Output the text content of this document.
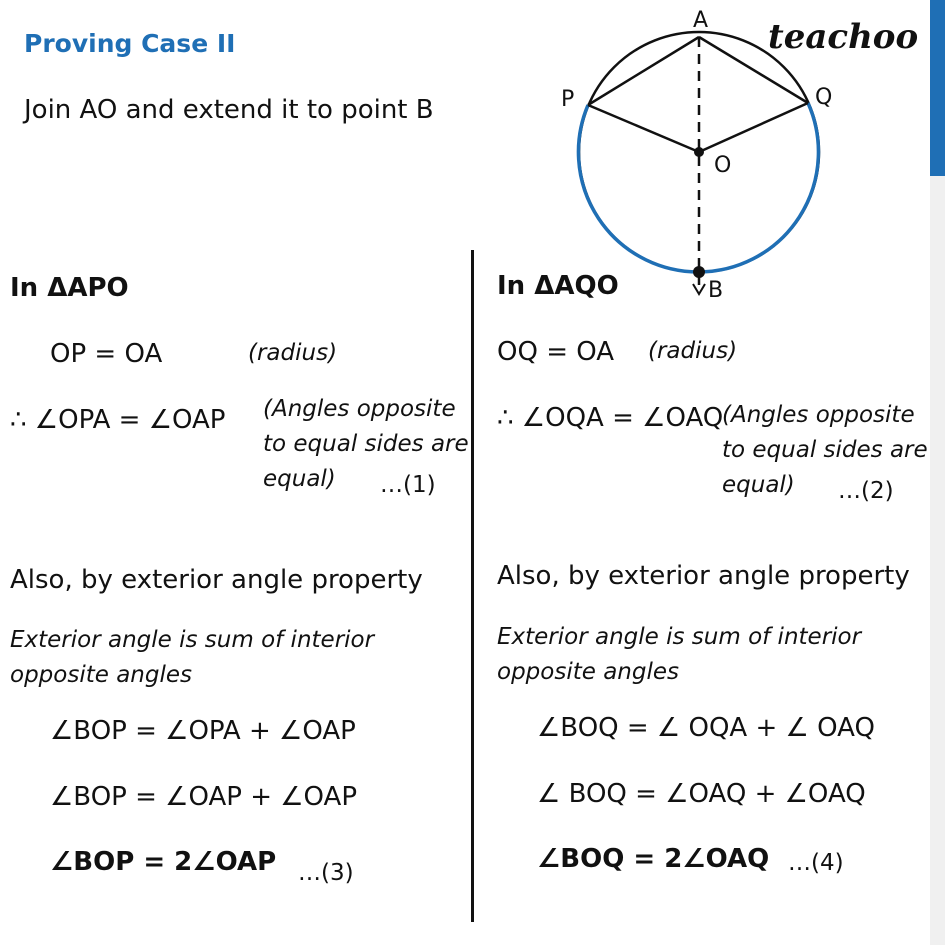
Proving Case II
Join AO and extend it to point B
teachoo
A
P	Q
O
B
In ΔAPO
OP = OA	(radius)
∴ ∠OPA = ∠OAP (Angles opposite
to equal sides are
equal) …(1)
Also, by exterior angle property
Exterior angle is sum of interior
opposite angles
∠BOP = ∠OPA + ∠OAP
∠BOP = ∠OAP + ∠OAP
∠BOP = 2∠OAP …(3)
In ΔAQO
OQ = OA (radius)
∴ ∠OQA = ∠OAQ
(Angles opposite
to equal sides are
equal) …(2)
Also, by exterior angle property
Exterior angle is sum of interior
opposite angles
∠BOQ = ∠ OQA + ∠ OAQ
∠ BOQ = ∠OAQ + ∠OAQ
∠BOQ = 2∠OAQ …(4)
